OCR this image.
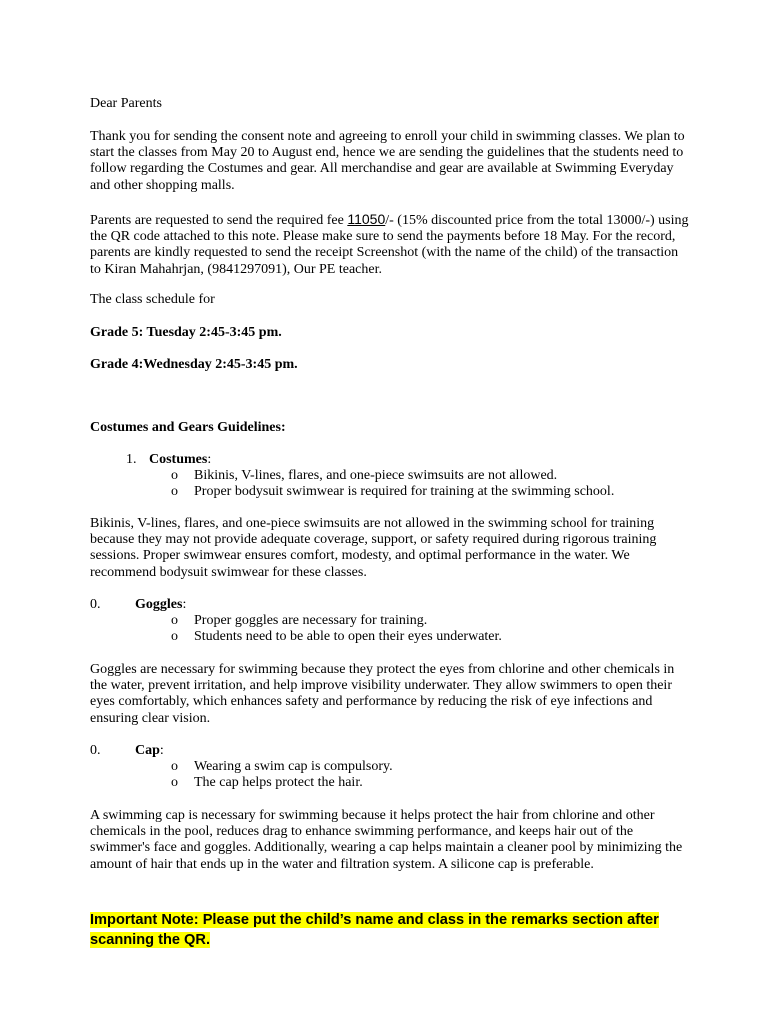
Dear Parents

Thank you for sending the consent note and agreeing to enroll your child in swimming classes. We plan to start the classes from May 20 to August end, hence we are sending the guidelines that the students need to follow regarding the Costumes and gear. All merchandise and gear are available at Swimming Everyday and other shopping malls.

Parents are requested to send the required fee 11050/- (15% discounted price from the total 13000/-) using the QR code attached to this note. Please make sure to send the payments before 18 May. For the record, parents are kindly requested to send the receipt Screenshot (with the name of the child) of the transaction to Kiran Mahahrjan, (9841297091), Our PE teacher.

The class schedule for

Grade 5: Tuesday 2:45-3:45 pm.

Grade 4:Wednesday 2:45-3:45 pm.

Costumes and Gears Guidelines:

1. Costumes:
o Bikinis, V-lines, flares, and one-piece swimsuits are not allowed.
o Proper bodysuit swimwear is required for training at the swimming school.

Bikinis, V-lines, flares, and one-piece swimsuits are not allowed in the swimming school for training because they may not provide adequate coverage, support, or safety required during rigorous training sessions. Proper swimwear ensures comfort, modesty, and optimal performance in the water. We recommend bodysuit swimwear for these classes.

0. Goggles:
o Proper goggles are necessary for training.
o Students need to be able to open their eyes underwater.

Goggles are necessary for swimming because they protect the eyes from chlorine and other chemicals in the water, prevent irritation, and help improve visibility underwater. They allow swimmers to open their eyes comfortably, which enhances safety and performance by reducing the risk of eye infections and ensuring clear vision.

0. Cap:
o Wearing a swim cap is compulsory.
o The cap helps protect the hair.

A swimming cap is necessary for swimming because it helps protect the hair from chlorine and other chemicals in the pool, reduces drag to enhance swimming performance, and keeps hair out of the swimmer's face and goggles. Additionally, wearing a cap helps maintain a cleaner pool by minimizing the amount of hair that ends up in the water and filtration system. A silicone cap is preferable.

Important Note: Please put the child’s name and class in the remarks section after scanning the QR.
